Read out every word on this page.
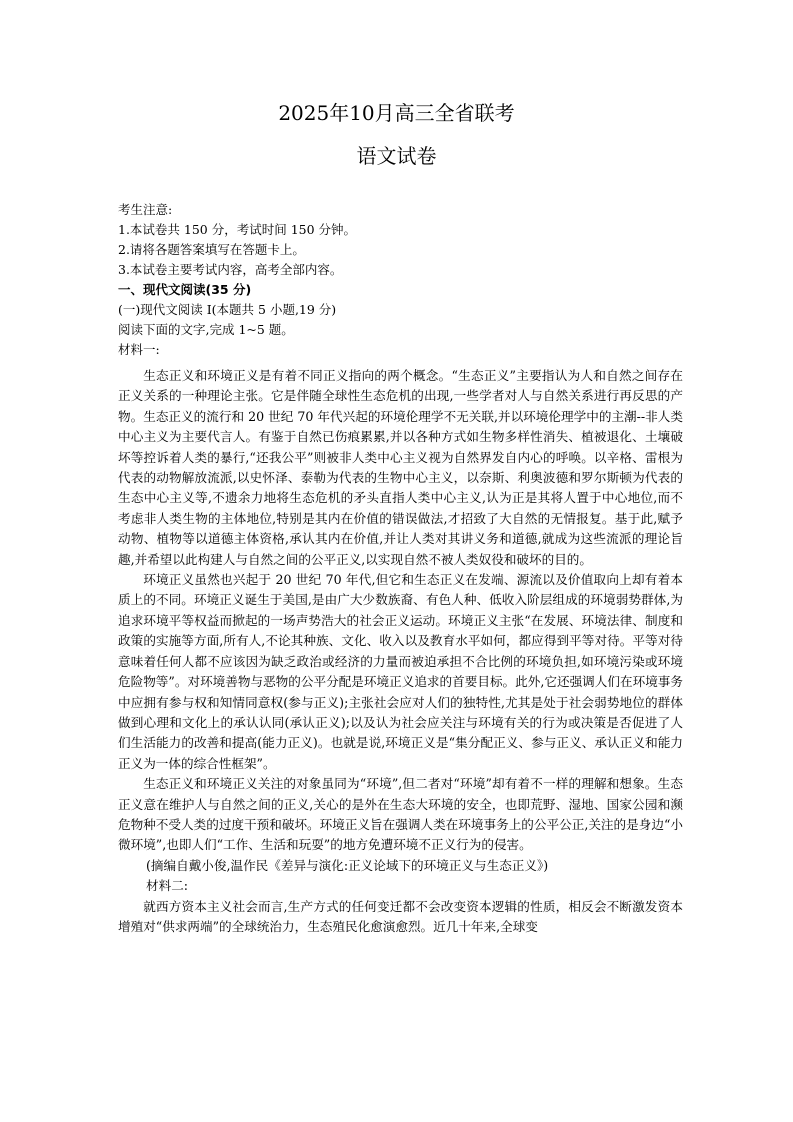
2025年10月高三全省联考
语文试卷
考生注意:
1.本试卷共 150 分，考试时间 150 分钟。
2.请将各题答案填写在答题卡上。
3.本试卷主要考试内容，高考全部内容。
一、现代文阅读(35 分)
(一)现代文阅读 I(本题共 5 小题,19 分)
阅读下面的文字,完成 1~5 题。
材料一:

生态正义和环境正义是有着不同正义指向的两个概念。“生态正义”主要指认为人和自然之间存在正义关系的一种理论主张。它是伴随全球性生态危机的出现,一些学者对人与自然关系进行再反思的产物。生态正义的流行和 20 世纪 70 年代兴起的环境伦理学不无关联,并以环境伦理学中的主潮--非人类中心主义为主要代言人。有鉴于自然已伤痕累累,并以各种方式如生物多样性消失、植被退化、土壤破坏等控诉着人类的暴行,“还我公平”则被非人类中心主义视为自然界发自内心的呼唤。以辛格、雷根为代表的动物解放流派,以史怀泽、泰勒为代表的生物中心主义，以奈斯、利奥波德和罗尔斯顿为代表的生态中心主义等,不遗余力地将生态危机的矛头直指人类中心主义,认为正是其将人置于中心地位,而不考虑非人类生物的主体地位,特别是其内在价值的错误做法,才招致了大自然的无情报复。基于此,赋予动物、植物等以道德主体资格,承认其内在价值,并让人类对其讲义务和道德,就成为这些流派的理论旨趣,并希望以此构建人与自然之间的公平正义,以实现自然不被人类奴役和破坏的目的。

环境正义虽然也兴起于 20 世纪 70 年代,但它和生态正义在发端、源流以及价值取向上却有着本质上的不同。环境正义诞生于美国,是由广大少数族裔、有色人种、低收入阶层组成的环境弱势群体,为追求环境平等权益而掀起的一场声势浩大的社会正义运动。环境正义主张“在发展、环境法律、制度和政策的实施等方面,所有人,不论其种族、文化、收入以及教育水平如何，都应得到平等对待。平等对待意味着任何人都不应该因为缺乏政治或经济的力量而被迫承担不合比例的环境负担,如环境污染或环境危险物等”。对环境善物与恶物的公平分配是环境正义追求的首要目标。此外,它还强调人们在环境事务中应拥有参与权和知情同意权(参与正义);主张社会应对人们的独特性,尤其是处于社会弱势地位的群体做到心理和文化上的承认认同(承认正义);以及认为社会应关注与环境有关的行为或决策是否促进了人们生活能力的改善和提高(能力正义)。也就是说,环境正义是“集分配正义、参与正义、承认正义和能力正义为一体的综合性框架”。

生态正义和环境正义关注的对象虽同为“环境”,但二者对“环境”却有着不一样的理解和想象。生态正义意在维护人与自然之间的正义,关心的是外在生态大环境的安全，也即荒野、湿地、国家公园和濒危物种不受人类的过度干预和破坏。环境正义旨在强调人类在环境事务上的公平公正,关注的是身边“小微环境”,也即人们“工作、生活和玩耍”的地方免遭环境不正义行为的侵害。

(摘编自戴小俊,温作民《差异与演化:正义论域下的环境正义与生态正义》)

材料二:

就西方资本主义社会而言,生产方式的任何变迁都不会改变资本逻辑的性质，相反会不断激发资本增殖对“供求两端”的全球统治力，生态殖民化愈演愈烈。近几十年来,全球变
